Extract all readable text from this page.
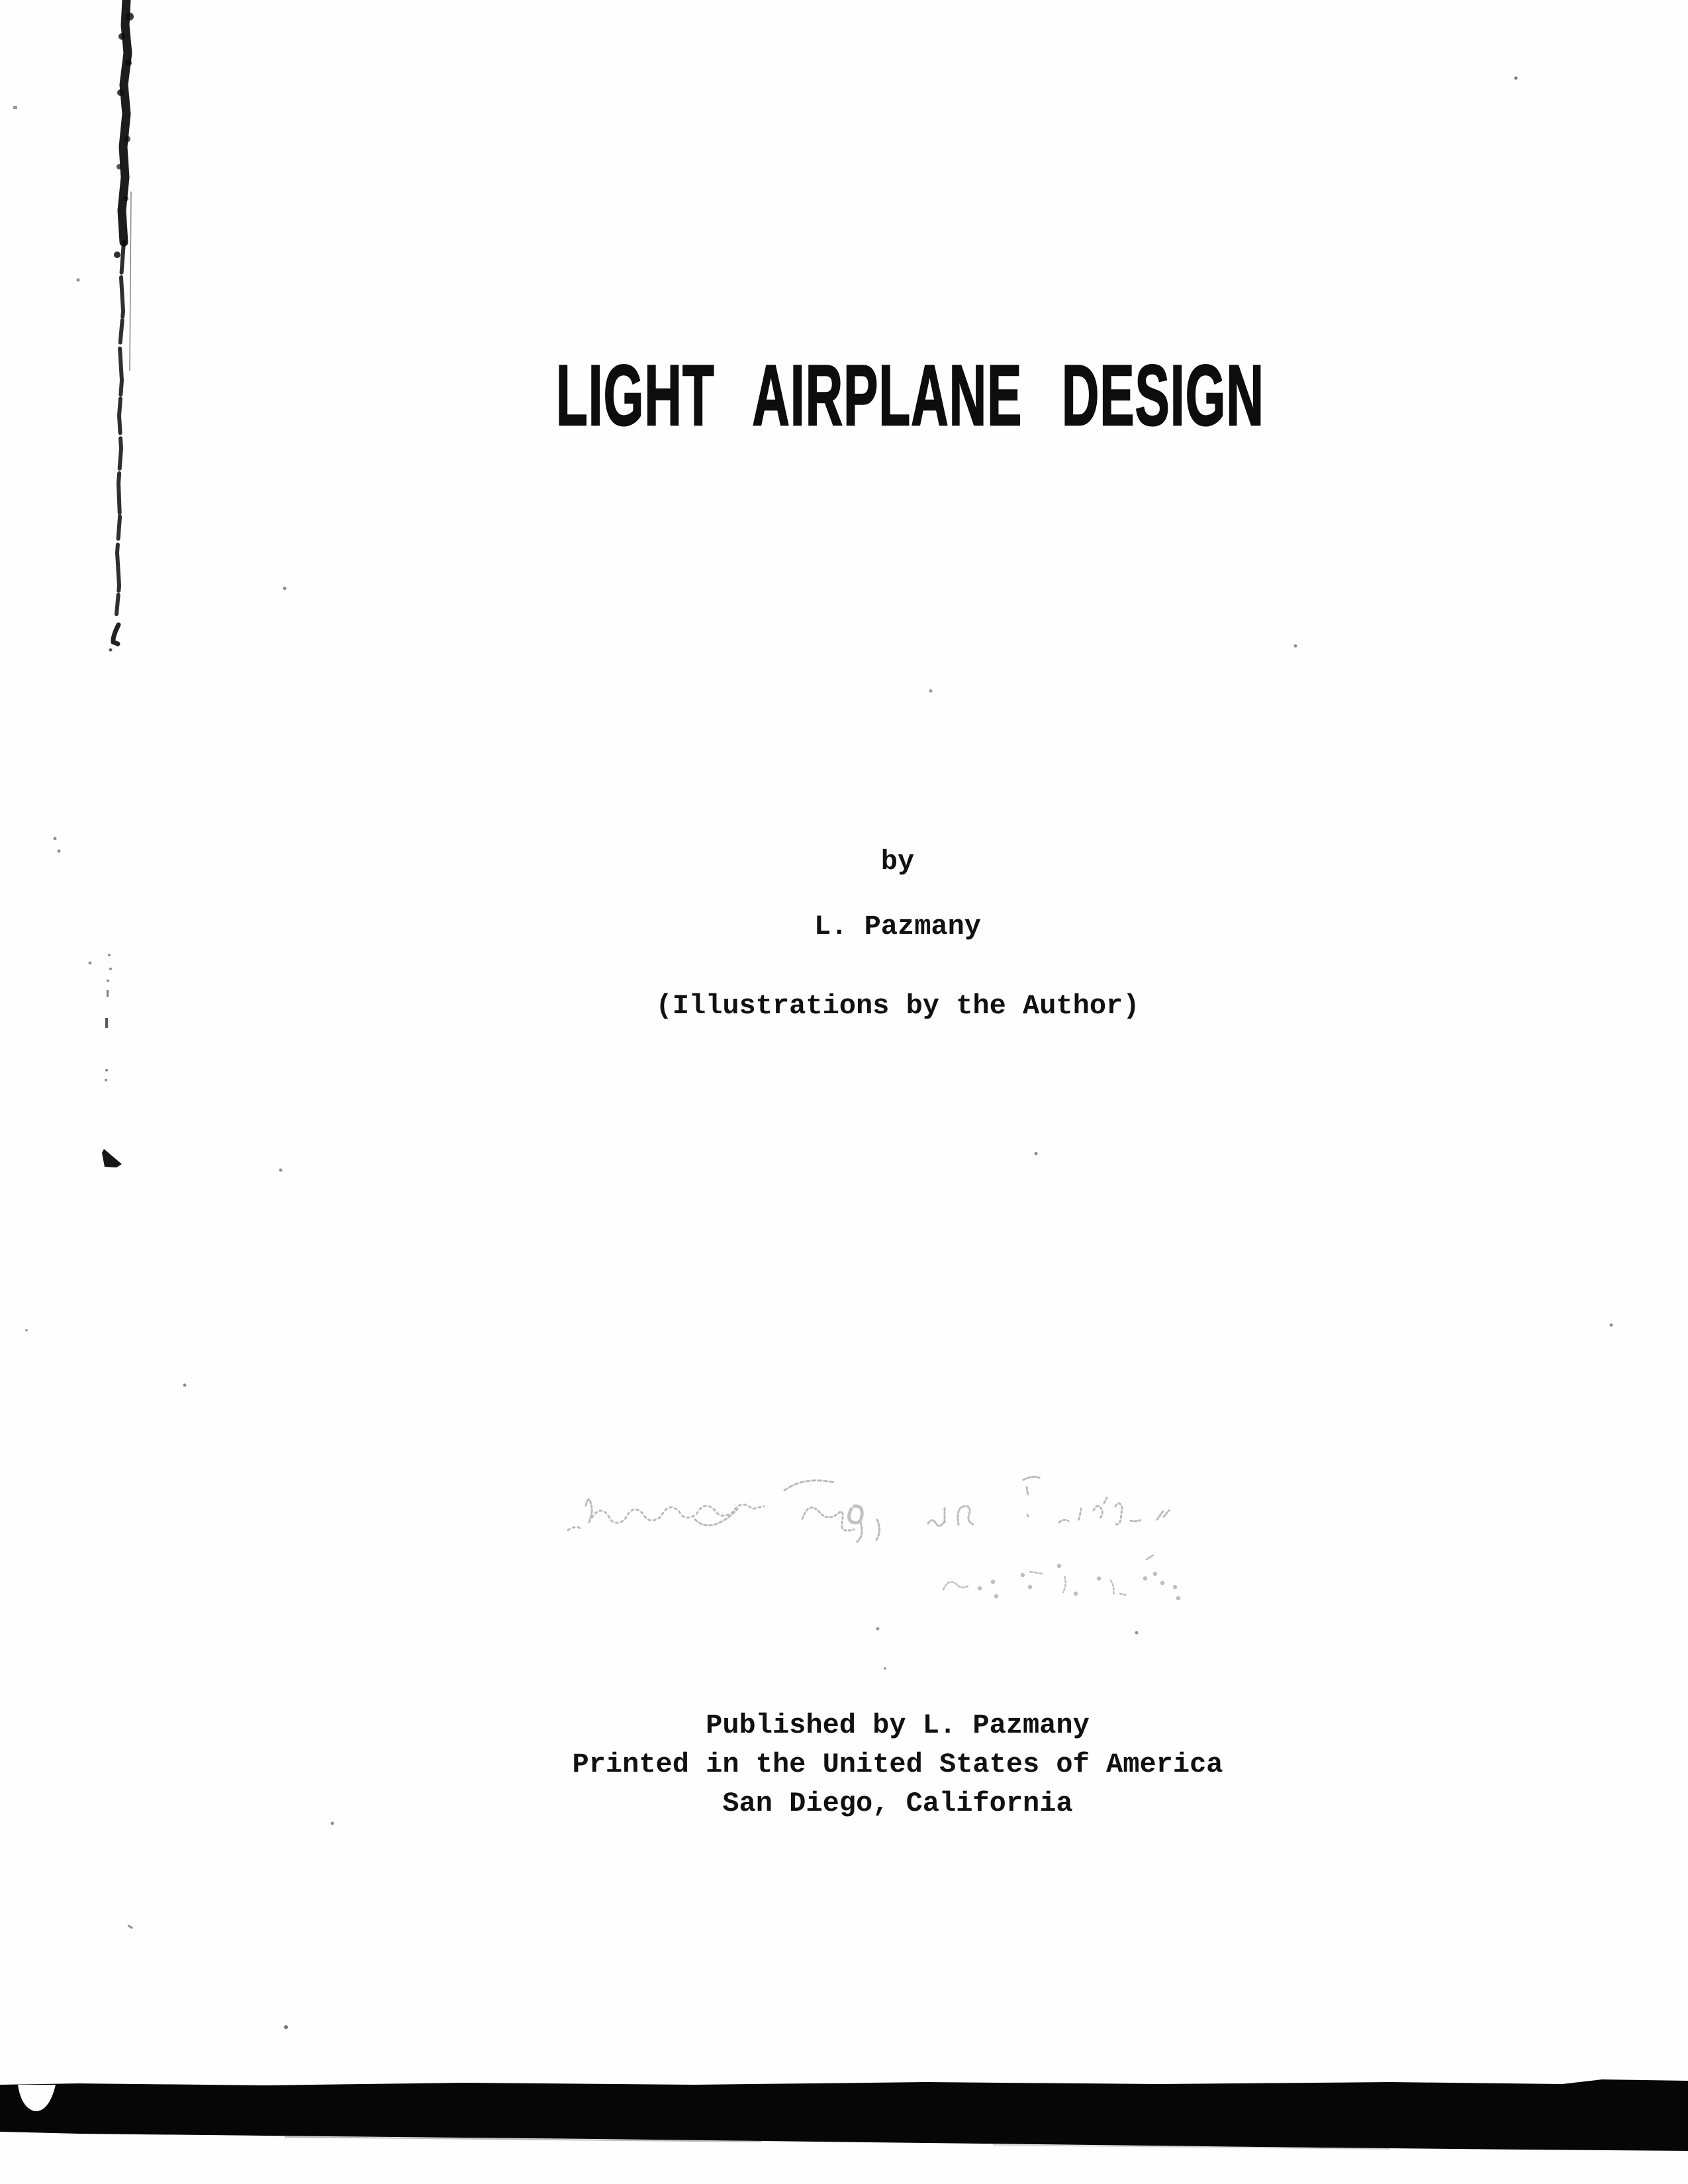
LIGHT AIRPLANE DESIGN
by
L. Pazmany
(Illustrations by the Author)
Published by L. Pazmany
Printed in the United States of America
San Diego, California
